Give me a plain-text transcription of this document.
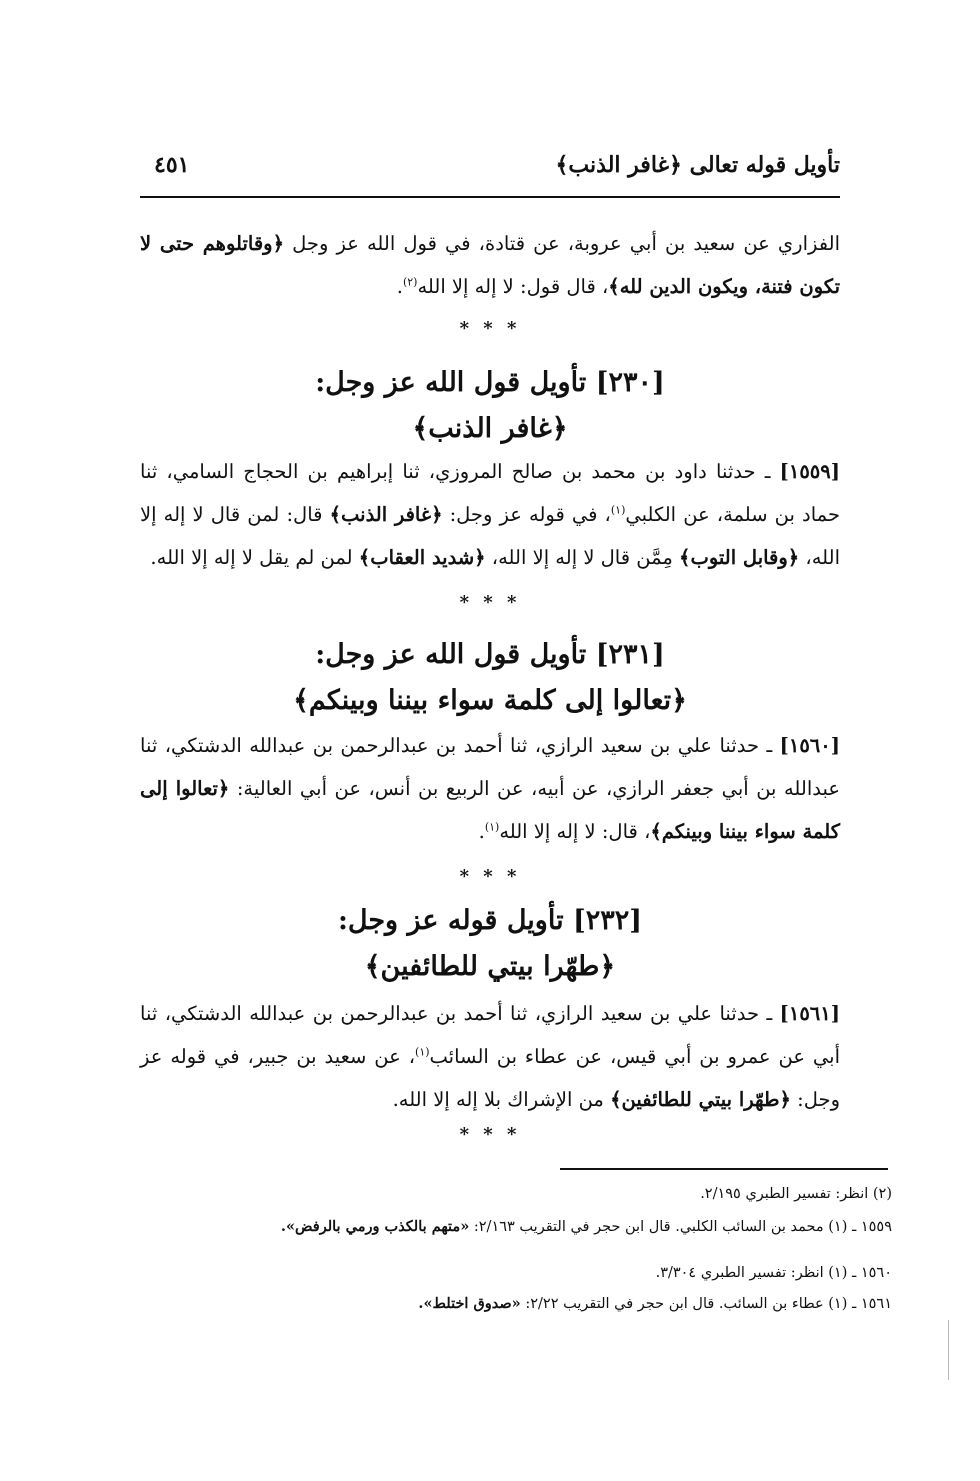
تأويل قوله تعالى ﴿غافر الذنب﴾
٤٥١

الفزاري عن سعيد بن أبي عروبة، عن قتادة، في قول الله عز وجل ﴿وقاتلوهم حتى لا تكون فتنة، ويكون الدين لله﴾، قال قول: لا إله إلا الله$^{(٢)}$.

* * *
[٢٣٠] تأويل قول الله عز وجل:
﴿غافر الذنب﴾

[١٥٥٩] ـ حدثنا داود بن محمد بن صالح المروزي، ثنا إبراهيم بن الحجاج السامي، ثنا حماد بن سلمة، عن الكلبي$^{(١)}$، في قوله عز وجل: ﴿غافر الذنب﴾ قال: لمن قال لا إله إلا الله، ﴿وقابل التوب﴾ مِمَّن قال لا إله إلا الله، ﴿شديد العقاب﴾ لمن لم يقل لا إله إلا الله.

* * *
[٢٣١] تأويل قول الله عز وجل:
﴿تعالوا إلى كلمة سواء بيننا وبينكم﴾

[١٥٦٠] ـ حدثنا علي بن سعيد الرازي، ثنا أحمد بن عبدالرحمن بن عبدالله الدشتكي، ثنا عبدالله بن أبي جعفر الرازي، عن أبيه، عن الربيع بن أنس، عن أبي العالية: ﴿تعالوا إلى كلمة سواء بيننا وبينكم﴾، قال: لا إله إلا الله$^{(١)}$.

* * *
[٢٣٢] تأويل قوله عز وجل:
﴿طهّرا بيتي للطائفين﴾

[١٥٦١] ـ حدثنا علي بن سعيد الرازي، ثنا أحمد بن عبدالرحمن بن عبدالله الدشتكي، ثنا أبي عن عمرو بن أبي قيس، عن عطاء بن السائب$^{(١)}$، عن سعيد بن جبير، في قوله عز وجل: ﴿طهّرا بيتي للطائفين﴾ من الإشراك بلا إله إلا الله.

* * *
(٢) انظر: تفسير الطبري ٢/١٩٥.
١٥٥٩ ـ (١) محمد بن السائب الكلبي. قال ابن حجر في التقريب ٢/١٦٣: «متهم بالكذب ورمي بالرفض».
١٥٦٠ ـ (١) انظر: تفسير الطبري ٣/٣٠٤.
١٥٦١ ـ (١) عطاء بن السائب. قال ابن حجر في التقريب ٢/٢٢: «صدوق اختلط».
